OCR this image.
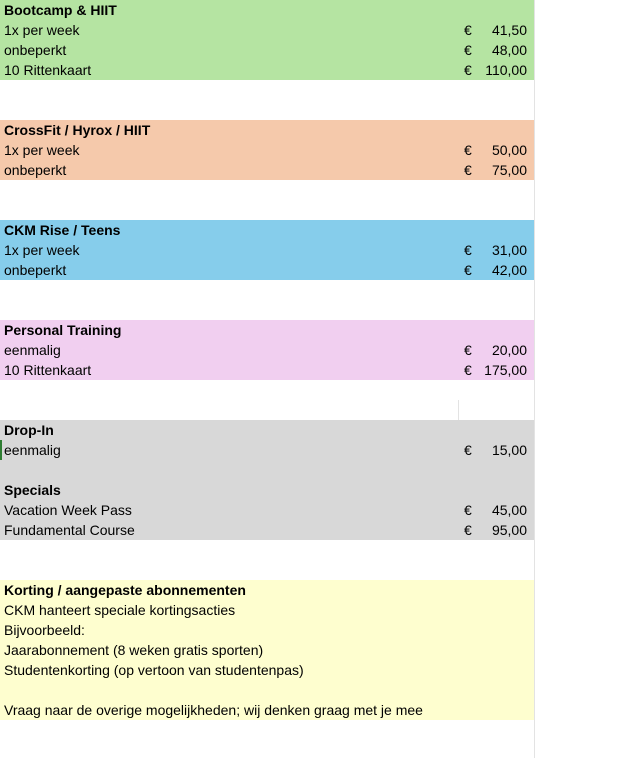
Bootcamp & HIIT
1x per week	€ 41,50
onbeperkt	€ 48,00
10 Rittenkaart	€ 110,00
CrossFit / Hyrox / HIIT
1x per week	€ 50,00
onbeperkt	€ 75,00
CKM Rise / Teens
1x per week	€ 31,00
onbeperkt	€ 42,00
Personal Training
eenmalig	€ 20,00
10 Rittenkaart	€ 175,00
Drop-In
eenmalig	€ 15,00
Specials
Vacation Week Pass	€ 45,00
Fundamental Course	€ 95,00
Korting / aangepaste abonnementen
CKM hanteert speciale kortingsacties
Bijvoorbeeld:
Jaarabonnement (8 weken gratis sporten)
Studentenkorting (op vertoon van studentenpas)
Vraag naar de overige mogelijkheden; wij denken graag met je mee
